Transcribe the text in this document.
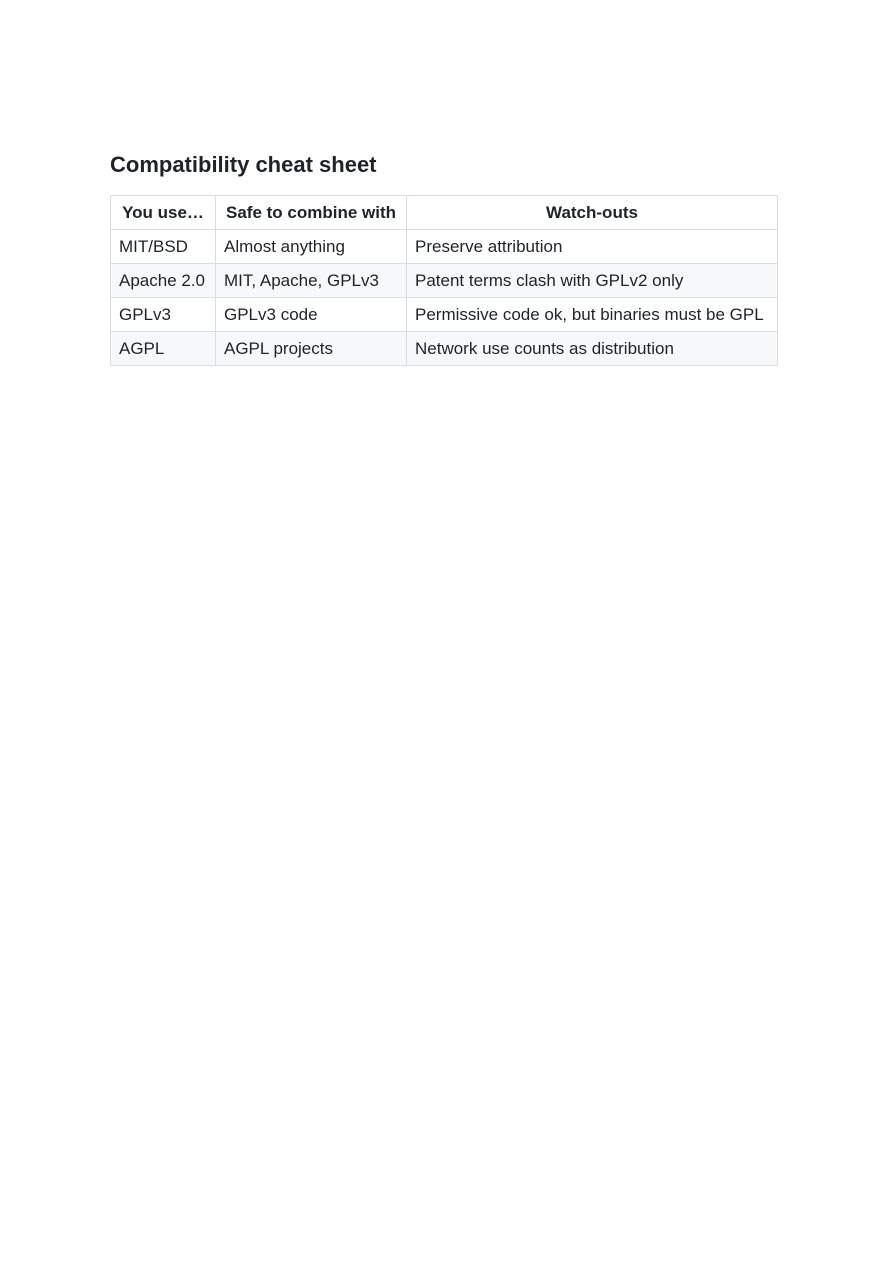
Compatibility cheat sheet
You use…	Safe to combine with	Watch-outs
MIT/BSD	Almost anything	Preserve attribution
Apache 2.0	MIT, Apache, GPLv3	Patent terms clash with GPLv2 only
GPLv3	GPLv3 code	Permissive code ok, but binaries must be GPL
AGPL	AGPL projects	Network use counts as distribution
